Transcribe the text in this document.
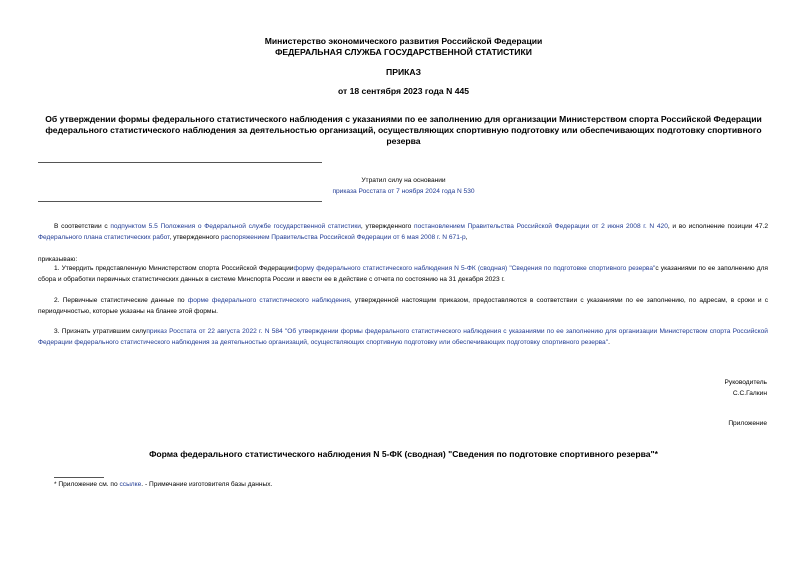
Министерство экономического развития Российской Федерации
ФЕДЕРАЛЬНАЯ СЛУЖБА ГОСУДАРСТВЕННОЙ СТАТИСТИКИ
ПРИКАЗ
от 18 сентября 2023 года N 445
Об утверждении формы федерального статистического наблюдения с указаниями по ее заполнению для организации Министерством спорта Российской Федерации федерального статистического наблюдения за деятельностью организаций, осуществляющих спортивную подготовку или обеспечивающих подготовку спортивного резерва
Утратил силу на основании
приказа Росстата от 7 ноября 2024 года N 530
В соответствии с подпунктом 5.5 Положения о Федеральной службе государственной статистики, утвержденного постановлением Правительства Российской Федерации от 2 июня 2008 г. N 420, и во исполнение позиции 47.2 Федерального плана статистических работ, утвержденного распоряжением Правительства Российской Федерации от 6 мая 2008 г. N 671-р,
приказываю:
1. Утвердить представленную Министерством спорта Российской Федерацииформу федерального статистического наблюдения N 5-ФК (сводная) "Сведения по подготовке спортивного резерва"с указаниями по ее заполнению для сбора и обработки первичных статистических данных в системе Минспорта России и ввести ее в действие с отчета по состоянию на 31 декабря 2023 г.
2. Первичные статистические данные по форме федерального статистического наблюдения, утвержденной настоящим приказом, предоставляются в соответствии с указаниями по ее заполнению, по адресам, в сроки и с периодичностью, которые указаны на бланке этой формы.
3. Признать утратившим силуприказ Росстата от 22 августа 2022 г. N 584 "Об утверждении формы федерального статистического наблюдения с указаниями по ее заполнению для организации Министерством спорта Российской Федерации федерального статистического наблюдения за деятельностью организаций, осуществляющих спортивную подготовку или обеспечивающих подготовку спортивного резерва".
Руководитель
С.С.Галкин
Приложение
Форма федерального статистического наблюдения N 5-ФК (сводная) "Сведения по подготовке спортивного резерва"*
* Приложение см. по ссылке. - Примечание изготовителя базы данных.
